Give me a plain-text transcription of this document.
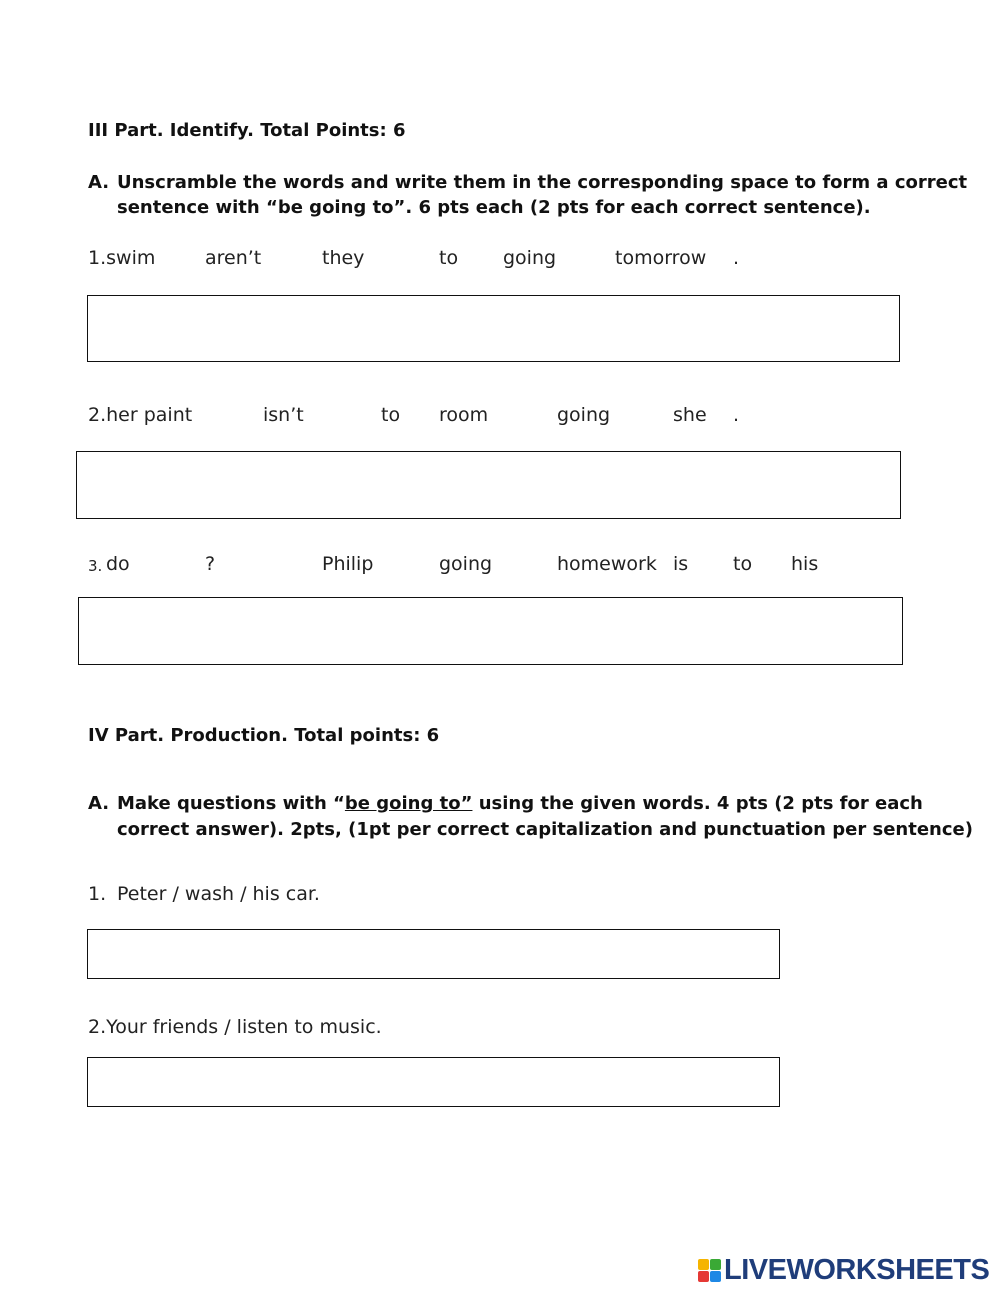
III Part. Identify. Total Points: 6
A. Unscramble the words and write them in the corresponding space to form a correct
sentence with “be going to”. 6 pts each (2 pts for each correct sentence).
1.swim	aren’t	they	to going	tomorrow .
2.her paint	isn’t	to room	going	she .
3. do	?	Philip	going	homework is to his
IV Part. Production. Total points: 6
A. Make questions with “be going to” using the given words. 4 pts (2 pts for each
correct answer). 2pts, (1pt per correct capitalization and punctuation per sentence)
1. Peter / wash / his car.
2.Your friends / listen to music.
LIVEWORKSHEETS
